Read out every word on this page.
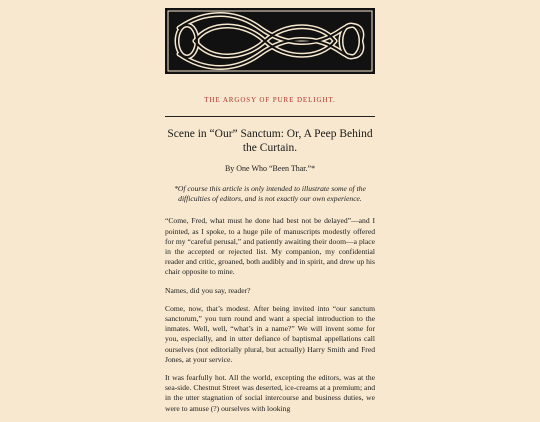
THE ARGOSY OF PURE DELIGHT.
Scene in “Our” Sanctum: Or, A Peep Behind the Curtain.
By One Who “Been Thar.”*
*Of course this article is only intended to illustrate some of the difficulties of editors, and is not exactly our own experience.

“Come, Fred, what must he done had best not be delayed”—and I pointed, as I spoke, to a huge pile of manuscripts modestly offered for my “careful perusal,” and patiently awaiting their doom—a place in the accepted or rejected list. My companion, my confidential reader and critic, groaned, both audibly and in spirit, and drew up his chair opposite to mine.

Names, did you say, reader?

Come, now, that’s modest. After being invited into “our sanctum sanctorum,” you turn round and want a special introduction to the inmates. Well, well, “what’s in a name?” We will invent some for you, especially, and in utter defiance of baptismal appellations call ourselves (not editorially plural, but actually) Harry Smith and Fred Jones, at your service.

It was fearfully hot. All the world, excepting the editors, was at the sea-side. Chestnut Street was deserted, ice-creams at a premium; and in the utter stagnation of social intercourse and business duties, we were to amuse (?) ourselves with looking
